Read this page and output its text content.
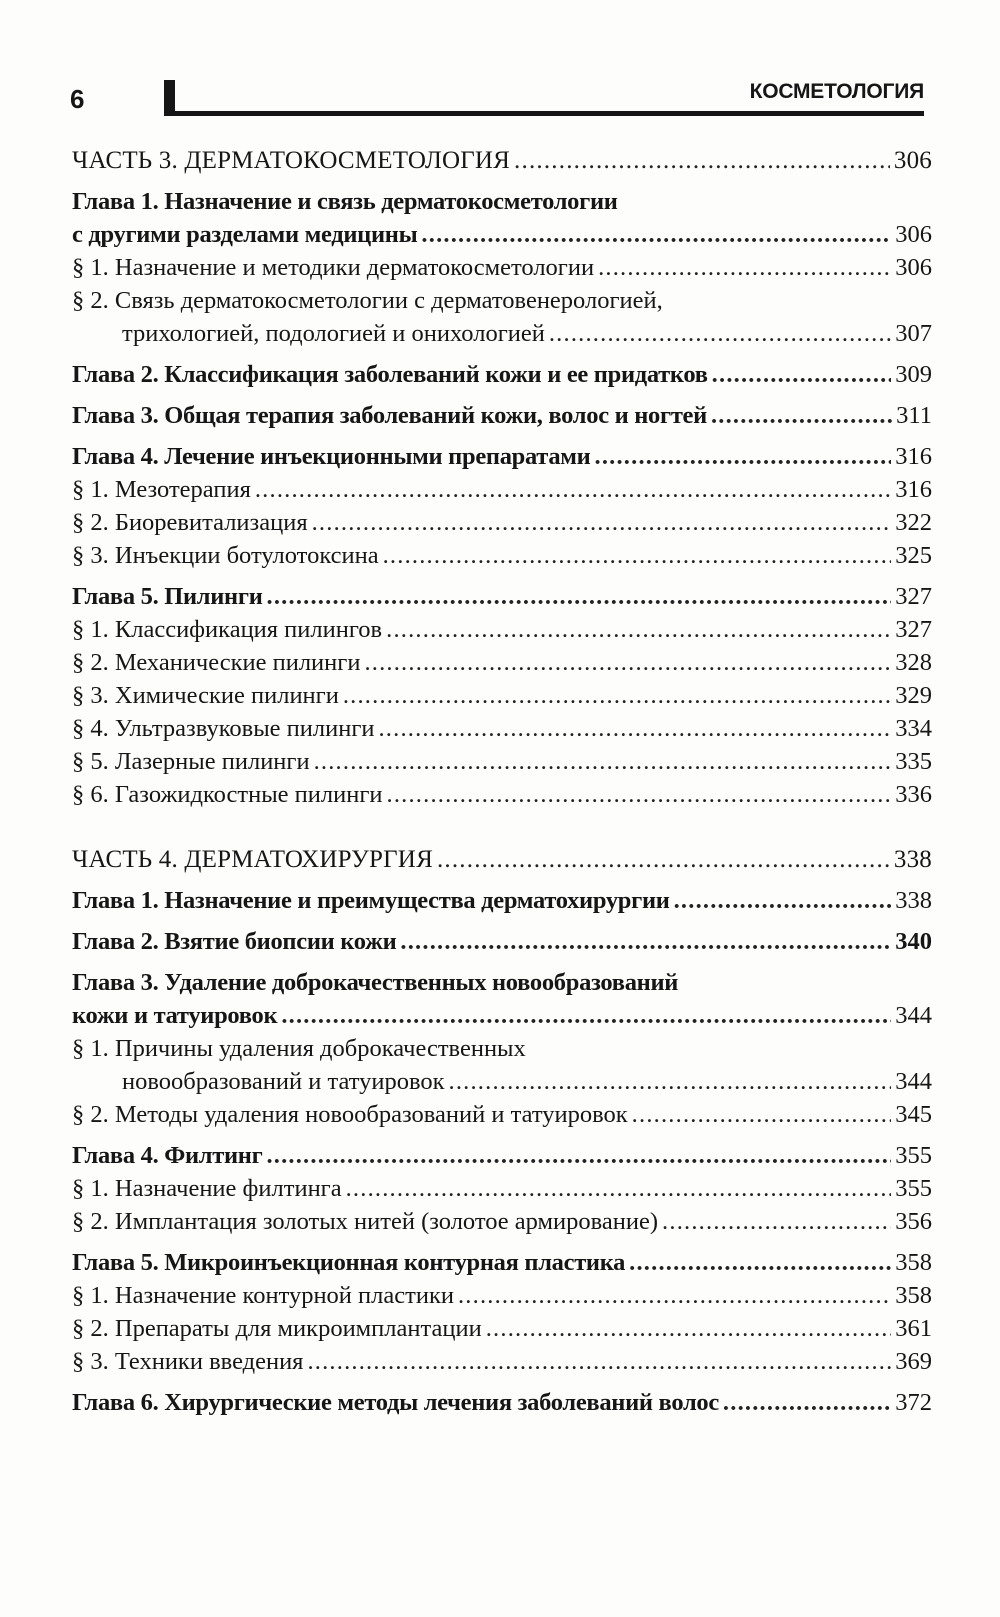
6	КОСМЕТОЛОГИЯ
ЧАСТЬ 3. ДЕРМАТОКОСМЕТОЛОГИЯ .....	306
Глава 1. Назначение и связь дерматокосметологии
с другими разделами медицины .....	306
§ 1. Назначение и методики дерматокосметологии .....	306
§ 2. Связь дерматокосметологии с дерматовенерологией,
трихологией, подологией и онихологией .....	307
Глава 2. Классификация заболеваний кожи и ее придатков .....	309
Глава 3. Общая терапия заболеваний кожи, волос и ногтей .....	311
Глава 4. Лечение инъекционными препаратами .....	316
§ 1. Мезотерапия .....	316
§ 2. Биоревитализация .....	322
§ 3. Инъекции ботулотоксина .....	325
Глава 5. Пилинги .....	327
§ 1. Классификация пилингов .....	327
§ 2. Механические пилинги .....	328
§ 3. Химические пилинги .....	329
§ 4. Ультразвуковые пилинги .....	334
§ 5. Лазерные пилинги .....	335
§ 6. Газожидкостные пилинги .....	336
ЧАСТЬ 4. ДЕРМАТОХИРУРГИЯ .....	338
Глава 1. Назначение и преимущества дерматохирургии .....	338
Глава 2. Взятие биопсии кожи .....	340
Глава 3. Удаление доброкачественных новообразований
кожи и татуировок .....	344
§ 1. Причины удаления доброкачественных
новообразований и татуировок .....	344
§ 2. Методы удаления новообразований и татуировок .....	345
Глава 4. Филтинг .....	355
§ 1. Назначение филтинга .....	355
§ 2. Имплантация золотых нитей (золотое армирование) .....	356
Глава 5. Микроинъекционная контурная пластика .....	358
§ 1. Назначение контурной пластики .....	358
§ 2. Препараты для микроимплантации .....	361
§ 3. Техники введения .....	369
Глава 6. Хирургические методы лечения заболеваний волос .....	372
